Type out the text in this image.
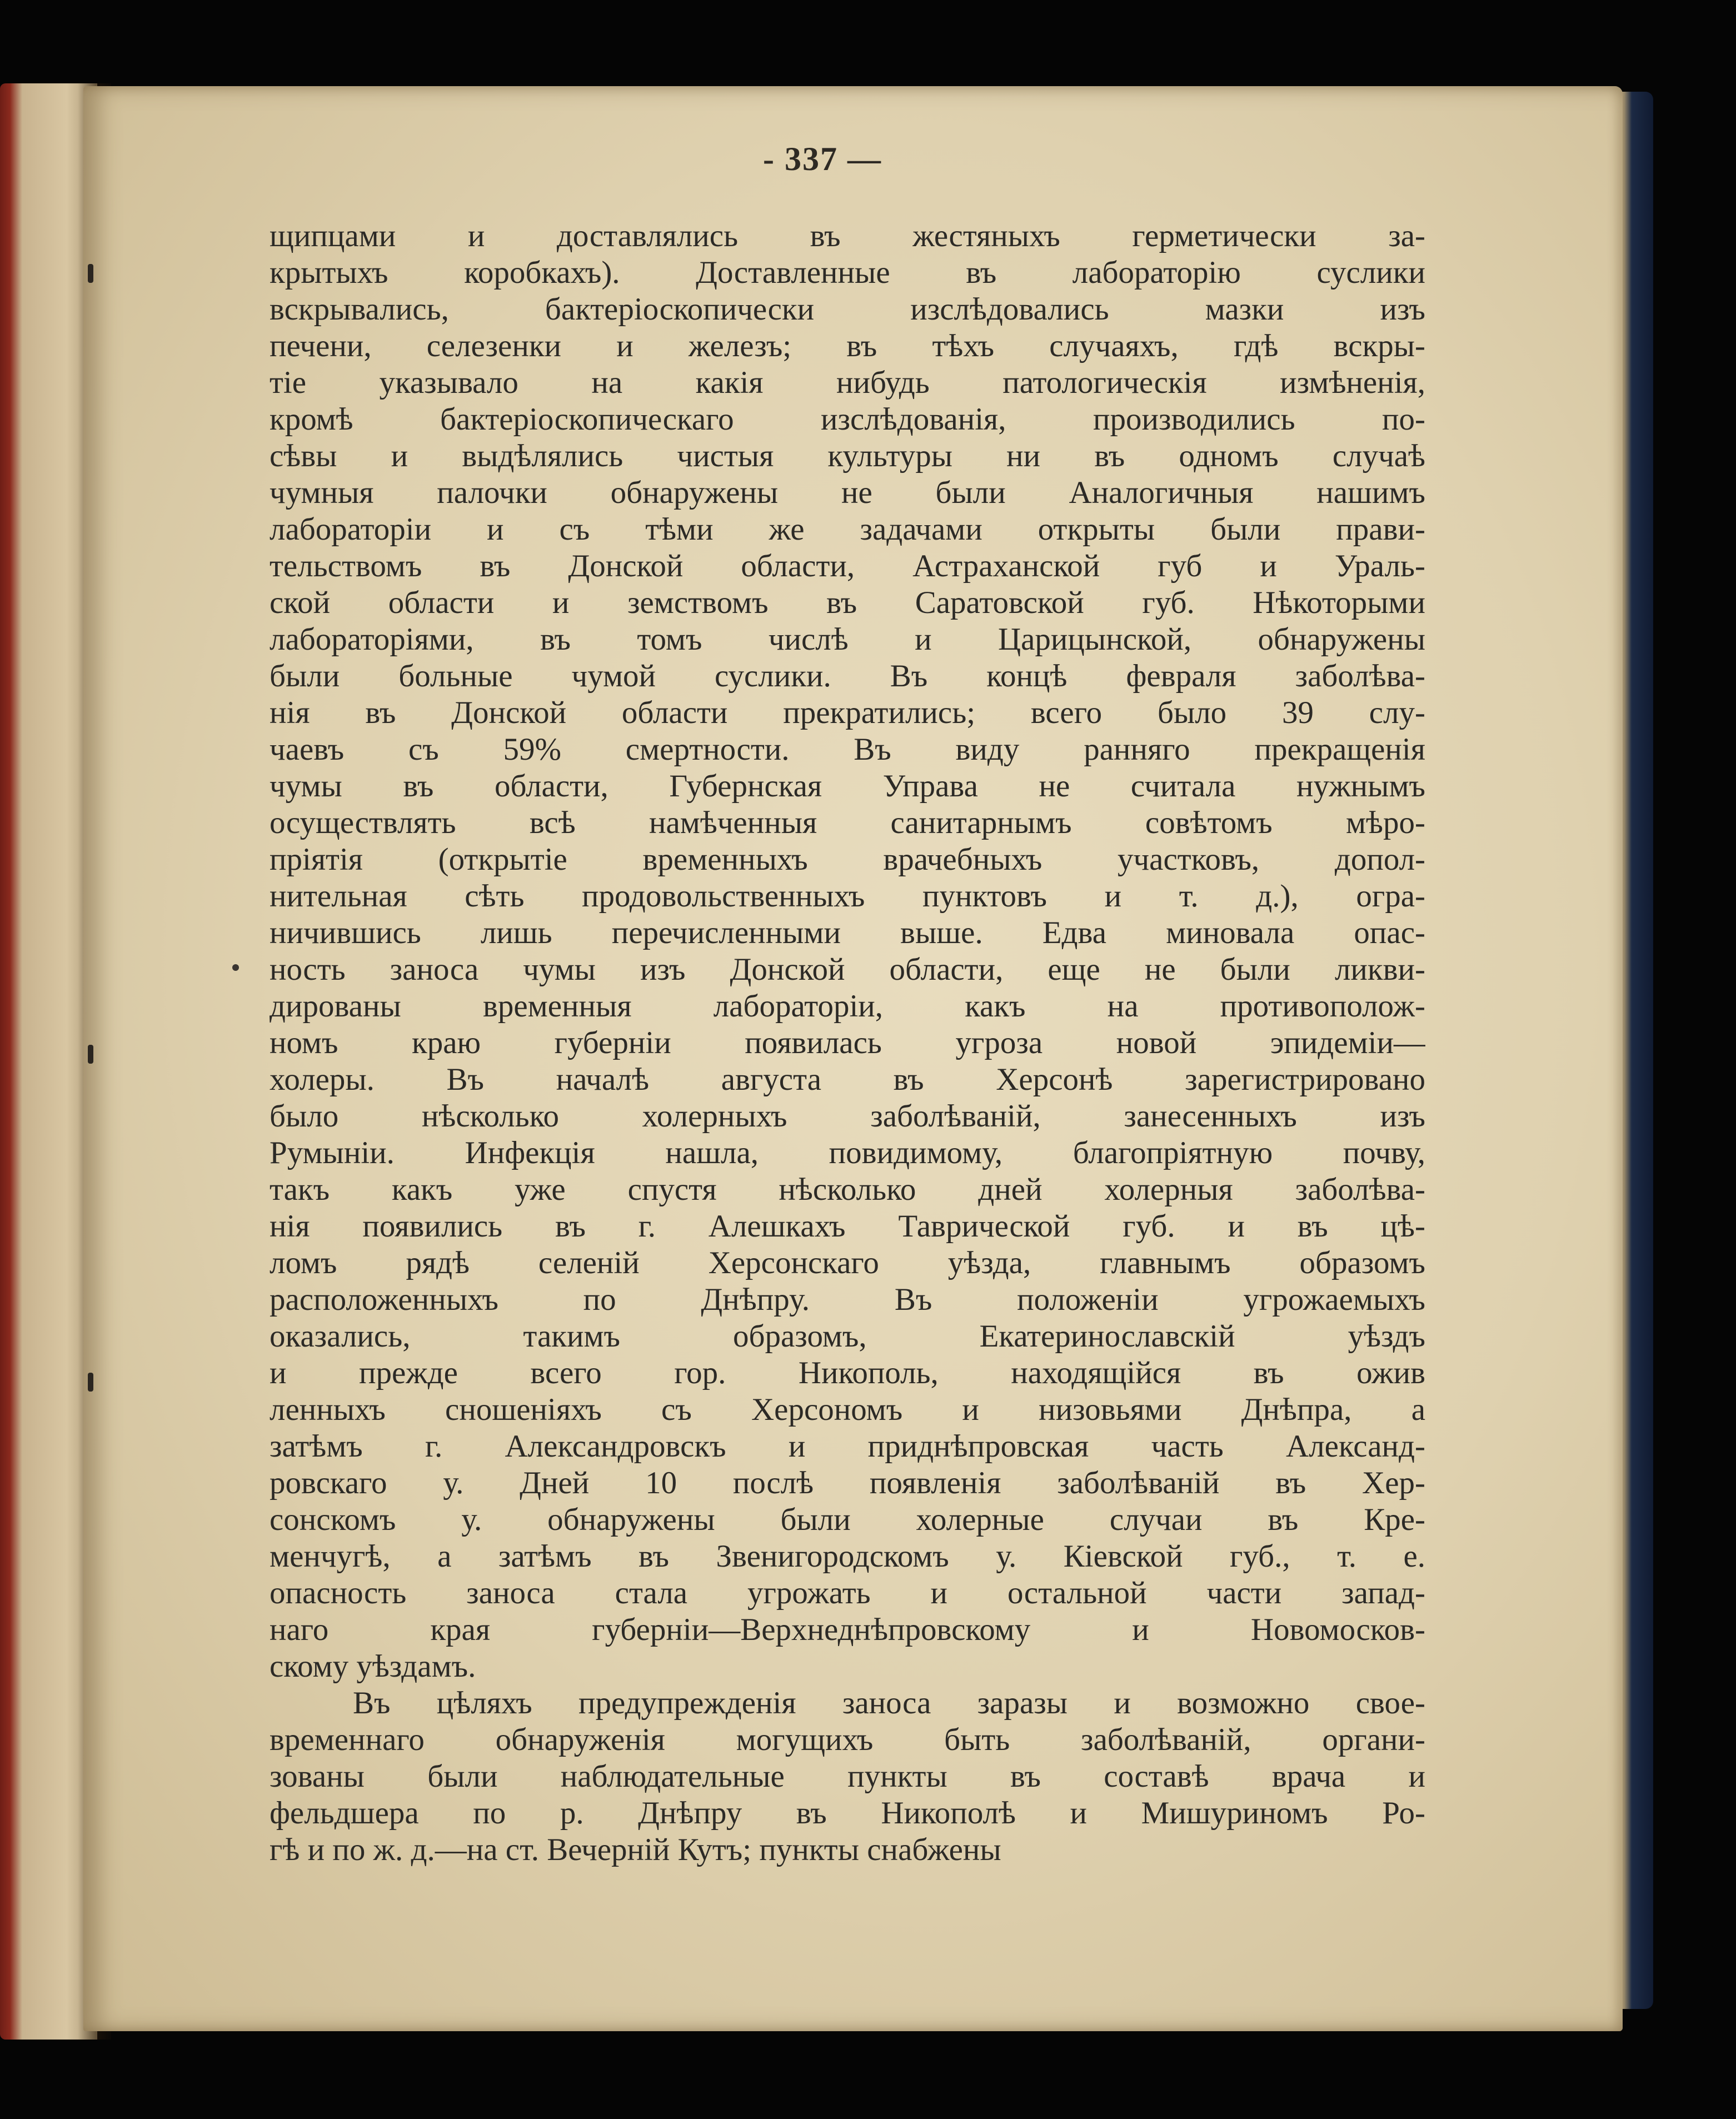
- 337 —
щипцами и доставлялись въ жестяныхъ герметически за-
крытыхъ коробкахъ). Доставленные въ лабораторію суслики
вскрывались, бактеріоскопически изслѣдовались мазки изъ
печени, селезенки и железъ; въ тѣхъ случаяхъ, гдѣ вскры-
тіе указывало на какія нибудь патологическія измѣненія,
кромѣ бактеріоскопическаго изслѣдованія, производились по-
сѣвы и выдѣлялись чистыя культуры ни въ одномъ случаѣ
чумныя палочки обнаружены не были Аналогичныя нашимъ
лабораторіи и съ тѣми же задачами открыты были прави-
тельствомъ въ Донской области, Астраханской губ и Ураль-
ской области и земствомъ въ Саратовской губ. Нѣкоторыми
лабораторіями, въ томъ числѣ и Царицынской, обнаружены
были больные чумой суслики. Въ концѣ февраля заболѣва-
нія въ Донской области прекратились; всего было 39 слу-
чаевъ съ 59% смертности. Въ виду ранняго прекращенія
чумы въ области, Губернская Управа не считала нужнымъ
осуществлять всѣ намѣченныя санитарнымъ совѣтомъ мѣро-
пріятія (открытіе временныхъ врачебныхъ участковъ, допол-
нительная сѣть продовольственныхъ пунктовъ и т. д.), огра-
ничившись лишь перечисленными выше. Едва миновала опас-
ность заноса чумы изъ Донской области, еще не были ликви-
дированы временныя лабораторіи, какъ на противополож-
номъ краю губерніи появилась угроза новой эпидеміи—
холеры. Въ началѣ августа въ Херсонѣ зарегистрировано
было нѣсколько холерныхъ заболѣваній, занесенныхъ изъ
Румыніи. Инфекція нашла, повидимому, благопріятную почву,
такъ какъ уже спустя нѣсколько дней холерныя заболѣва-
нія появились въ г. Алешкахъ Таврической губ. и въ цѣ-
ломъ рядѣ селеній Херсонскаго уѣзда, главнымъ образомъ
расположенныхъ по Днѣпру. Въ положеніи угрожаемыхъ
оказались, такимъ образомъ, Екатеринославскій уѣздъ
и прежде всего гор. Никополь, находящійся въ ожив
ленныхъ сношеніяхъ съ Херсономъ и низовьями Днѣпра, а
затѣмъ г. Александровскъ и приднѣпровская часть Александ-
ровскаго у. Дней 10 послѣ появленія заболѣваній въ Хер-
сонскомъ у. обнаружены были холерные случаи въ Кре-
менчугѣ, а затѣмъ въ Звенигородскомъ у. Кіевской губ., т. е.
опасность заноса стала угрожать и остальной части запад-
наго края губерніи—Верхнеднѣпровскому и Новомосков-
скому уѣздамъ.
Въ цѣляхъ предупрежденія заноса заразы и возможно свое-
временнаго обнаруженія могущихъ быть заболѣваній, органи-
зованы были наблюдательные пункты въ составѣ врача и
фельдшера по р. Днѣпру въ Никополѣ и Мишуриномъ Ро-
гѣ и по ж. д.—на ст. Вечерній Кутъ; пункты снабжены
